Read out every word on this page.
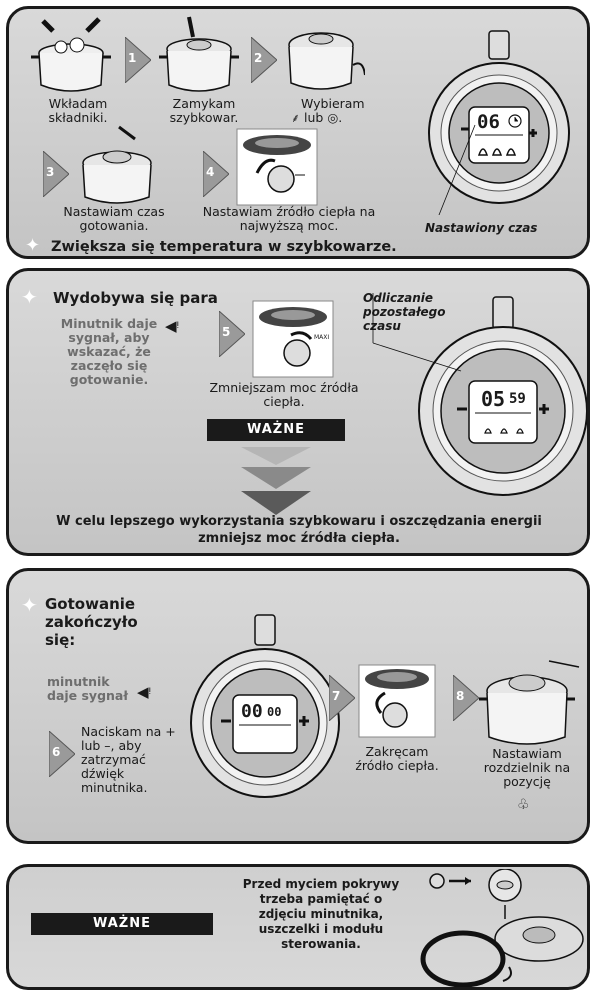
Wkładam składniki.
1
Zamykam szybkowar.
2
Wybieram
⸙ lub ◎.
3
Nastawiam czas gotowania.
4
Nastawiam źródło ciepła na najwyższą moc.
06
Nastawiony czas
✦ Zwiększa się temperatura w szybkowarze.
✦ Wydobywa się para
Minutnik daje sygnał, aby wskazać, że zaczęło się gotowanie.
◀ᵎ	5	MAXI
Zmniejszam moc źródła ciepła.
WAŻNE
Odliczanie pozostałego czasu
05 59
W celu lepszego wykorzystania szybkowaru i oszczędzania energii zmniejsz moc źródła ciepła.
✦ Gotowanie zakończyło się:
minutnik daje sygnał ◀ᵎ
6
Naciskam na + lub –, aby zatrzymać dźwięk minutnika.
00 00
7
Zakręcam źródło ciepła.
8
Nastawiam rozdzielnik na pozycję
♧
WAŻNE
Przed myciem pokrywy trzeba pamiętać o zdjęciu minutnika, uszczelki i modułu sterowania.
